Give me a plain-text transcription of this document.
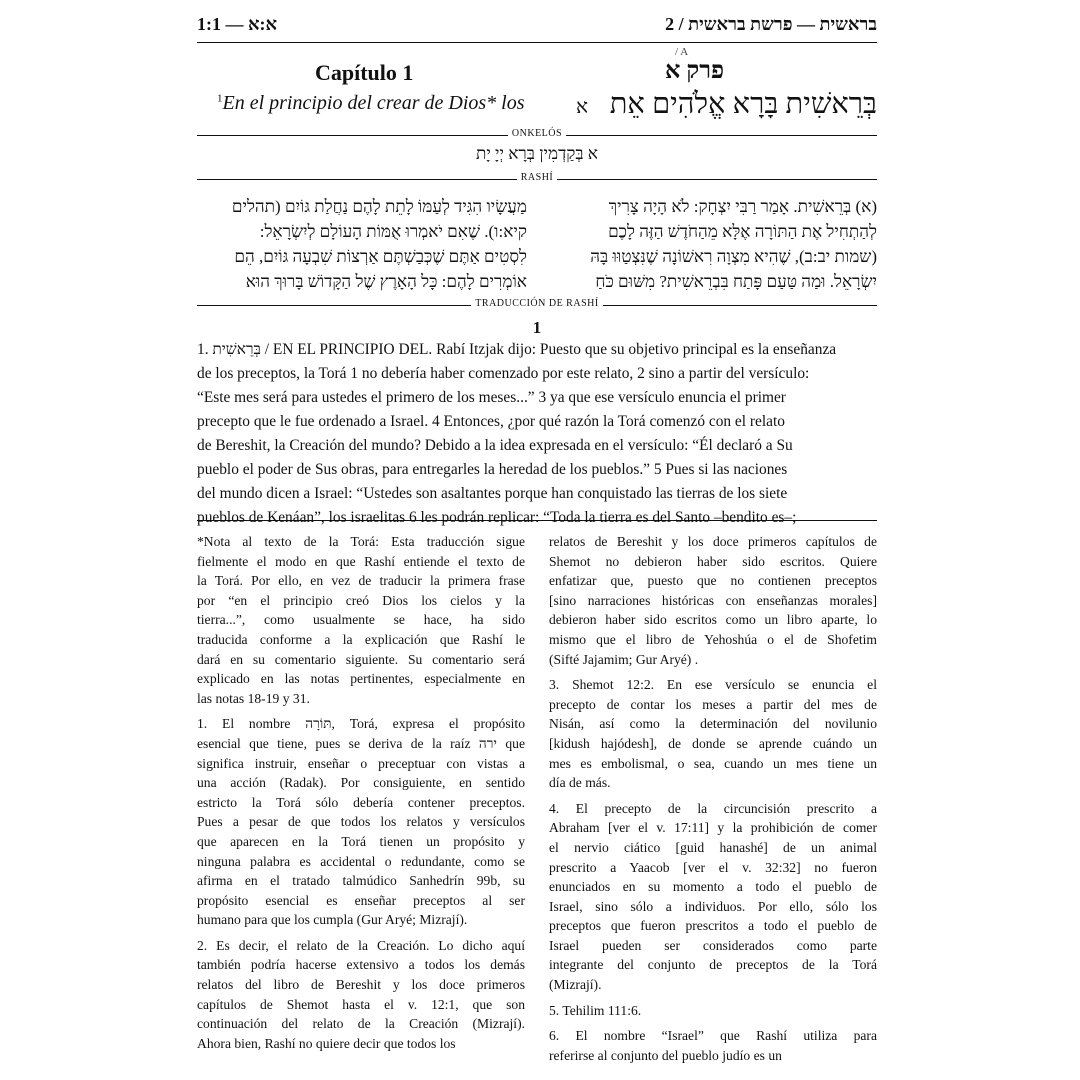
1:1 — א:א	בראשית — פרשת בראשית / 2
/ A
פרק א
Capítulo 1
בְּרֵאשִׁית בָּרָא אֱלֹהִים אֵת   א
$^1$En el principio del crear de Dios* los
ONKELÓS
א בְּקַדְמִין בְּרָא יְיָ יָת
RASHÍ
(א) בְּרֵאשִׁית. אָמַר רַבִּי יִצְחָק: לֹא הָיָה צָרִיךְ
לְהַתְחִיל אֶת הַתּוֹרָה אֶלָּא מֵהַחֹדֶשׁ הַזֶּה לָכֶם
(שמות יב:ב), שֶׁהִיא מִצְוָה רִאשׁוֹנָה שֶׁנִּצְטַוּוּ בָּהּ
יִשְׂרָאֵל. וּמַה טַּעַם פָּתַח בִּבְרֵאשִׁית? מִשּׁוּם כֹּחַ
מַעֲשָׂיו הִגִּיד לְעַמּוֹ לָתֵת לָהֶם נַחֲלַת גּוֹיִם (תהלים
קיא:ו). שֶׁאִם יֹאמְרוּ אֻמּוֹת הָעוֹלָם לְיִשְׂרָאֵל:
לִסְטִים אַתֶּם שֶׁכְּבַשְׁתֶּם אַרְצוֹת שִׁבְעָה גּוֹיִם, הֵם
אוֹמְרִים לָהֶם: כָּל הָאָרֶץ שֶׁל הַקָּדוֹשׁ בָּרוּךְ הוּא
TRADUCCIÓN DE RASHÍ
1

1. בְּרֵאשִׁית / EN EL PRINCIPIO DEL. Rabí Itzjak dijo: Puesto que su objetivo principal es la enseñanza

de los preceptos, la Torá 1 no debería haber comenzado por este relato, 2 sino a partir del versículo:

“Este mes será para ustedes el primero de los meses...” 3 ya que ese versículo enuncia el primer

precepto que le fue ordenado a Israel. 4 Entonces, ¿por qué razón la Torá comenzó con el relato

de Bereshit, la Creación del mundo? Debido a la idea expresada en el versículo: “Él declaró a Su

pueblo el poder de Sus obras, para entregarles la heredad de los pueblos.” 5 Pues si las naciones

del mundo dicen a Israel: “Ustedes son asaltantes porque han conquistado las tierras de los siete

pueblos de Kenáan”, los israelitas 6 les podrán replicar: “Toda la tierra es del Santo –bendito es–;

*Nota al texto de la Torá: Esta traducción sigue
fielmente el modo en que Rashí entiende el texto de
la Torá. Por ello, en vez de traducir la primera frase
por “en el principio creó Dios los cielos y la
tierra...”, como usualmente se hace, ha sido
traducida conforme a la explicación que Rashí le
dará en su comentario siguiente. Su comentario será
explicado en las notas pertinentes, especialmente en
las notas 18-19 y 31.

1. El nombre תּוֹרָה, Torá, expresa el propósito
esencial que tiene, pues se deriva de la raíz ירה que
significa instruir, enseñar o preceptuar con vistas a
una acción (Radak). Por consiguiente, en sentido
estricto la Torá sólo debería contener preceptos.
Pues a pesar de que todos los relatos y versículos
que aparecen en la Torá tienen un propósito y
ninguna palabra es accidental o redundante, como se
afirma en el tratado talmúdico Sanhedrín 99b, su
propósito esencial es enseñar preceptos al ser
humano para que los cumpla (Gur Aryé; Mizrají).

2. Es decir, el relato de la Creación. Lo dicho aquí
también podría hacerse extensivo a todos los demás
relatos del libro de Bereshit y los doce primeros
capítulos de Shemot hasta el v. 12:1, que son
continuación del relato de la Creación (Mizrají).
Ahora bien, Rashí no quiere decir que todos los

relatos de Bereshit y los doce primeros capítulos de
Shemot no debieron haber sido escritos. Quiere
enfatizar que, puesto que no contienen preceptos
[sino narraciones históricas con enseñanzas morales]
debieron haber sido escritos como un libro aparte, lo
mismo que el libro de Yehoshúa o el de Shofetim
(Sifté Jajamim; Gur Aryé) .

3. Shemot 12:2. En ese versículo se enuncia el
precepto de contar los meses a partir del mes de
Nisán, así como la determinación del novilunio
[kidush hajódesh], de donde se aprende cuándo un
mes es embolismal, o sea, cuando un mes tiene un
día de más.

4. El precepto de la circuncisión prescrito a
Abraham [ver el v. 17:11] y la prohibición de comer
el nervio ciático [guid hanashé] de un animal
prescrito a Yaacob [ver el v. 32:32] no fueron
enunciados en su momento a todo el pueblo de
Israel, sino sólo a individuos. Por ello, sólo los
preceptos que fueron prescritos a todo el pueblo de
Israel pueden ser considerados como parte
integrante del conjunto de preceptos de la Torá
(Mizrají).

5. Tehilim 111:6.

6. El nombre “Israel” que Rashí utiliza para
referirse al conjunto del pueblo judío es un
